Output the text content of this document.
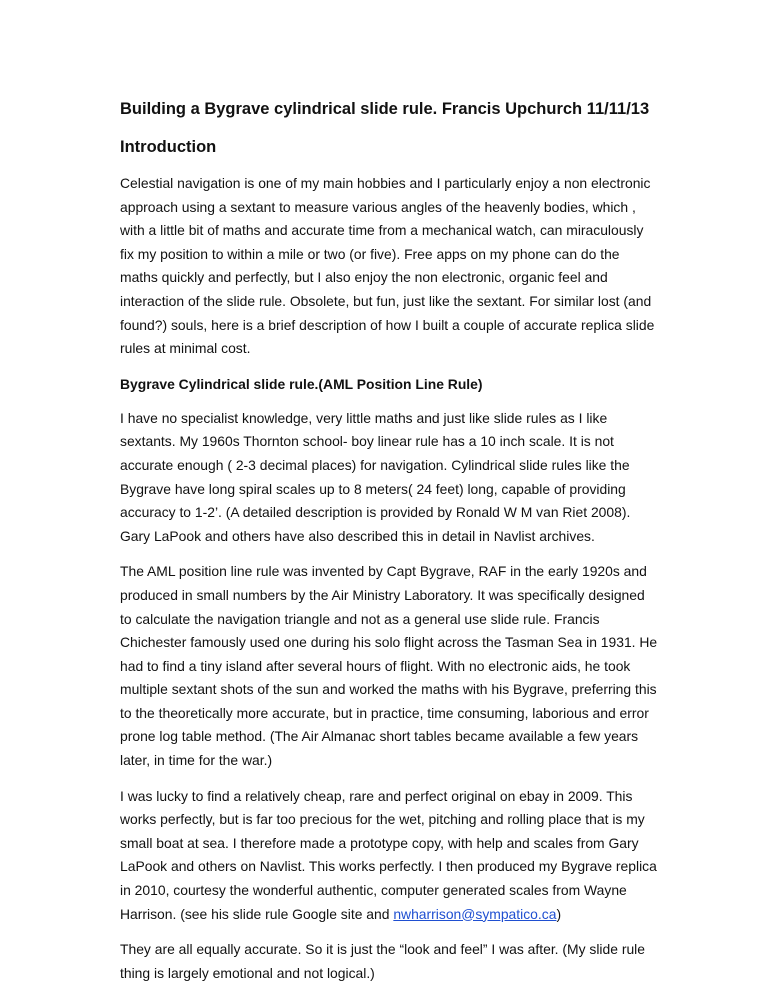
Building a Bygrave cylindrical slide rule. Francis Upchurch 11/11/13
Introduction

Celestial navigation is one of my main hobbies and I particularly enjoy a non electronic approach using a sextant to measure various angles of the heavenly bodies, which , with a little bit of maths and accurate time from a mechanical watch, can miraculously fix my position to within a mile or two (or five). Free apps on my phone can do the maths quickly and perfectly, but I also enjoy the non electronic, organic feel and interaction of the slide rule. Obsolete, but fun, just like the sextant. For similar lost (and found?) souls, here is a brief description of how I built a couple of accurate replica slide rules at minimal cost.

Bygrave Cylindrical slide rule.(AML Position Line Rule)

I have no specialist knowledge, very little maths and just like slide rules as I like sextants. My 1960s Thornton school- boy linear rule has a 10 inch scale. It is not accurate enough ( 2-3 decimal places) for navigation. Cylindrical slide rules like the Bygrave have long spiral scales up to 8 meters( 24 feet) long, capable of providing accuracy to 1-2’. (A detailed description is provided by Ronald W M van Riet 2008). Gary LaPook and others have also described this in detail in Navlist archives.

The AML position line rule was invented by Capt Bygrave, RAF in the early 1920s and produced in small numbers by the Air Ministry Laboratory. It was specifically designed to calculate the navigation triangle and not as a general use slide rule. Francis Chichester famously used one during his solo flight across the Tasman Sea in 1931. He had to find a tiny island after several hours of flight. With no electronic aids, he took multiple sextant shots of the sun and worked the maths with his Bygrave, preferring this to the theoretically more accurate, but in practice, time consuming, laborious and error prone log table method. (The Air Almanac short tables became available a few years later, in time for the war.)

I was lucky to find a relatively cheap, rare and perfect original on ebay in 2009. This works perfectly, but is far too precious for the wet, pitching and rolling place that is my small boat at sea. I therefore made a prototype copy, with help and scales from Gary LaPook and others on Navlist. This works perfectly. I then produced my Bygrave replica in 2010, courtesy the wonderful authentic, computer generated scales from Wayne Harrison. (see his slide rule Google site and nwharrison@sympatico.ca)

They are all equally accurate. So it is just the “look and feel” I was after. (My slide rule thing is largely emotional and not logical.)
